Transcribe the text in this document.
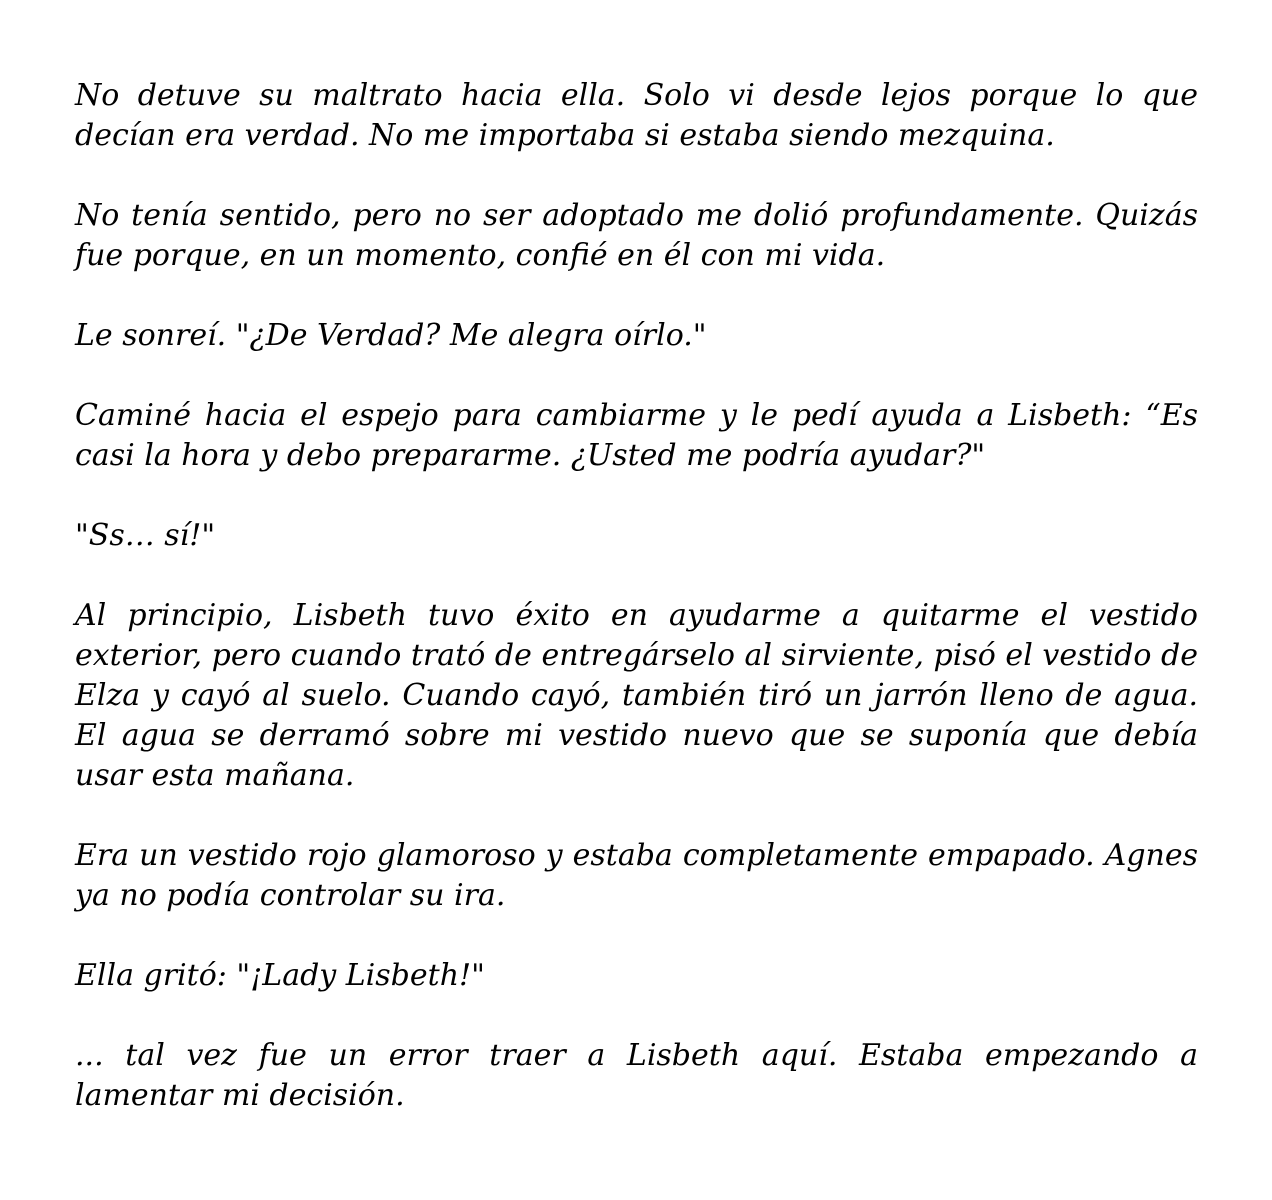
No detuve su maltrato hacia ella. Solo vi desde lejos porque lo que decían era verdad. No me importaba si estaba siendo mezquina.

No tenía sentido, pero no ser adoptado me dolió profundamente. Quizás fue porque, en un momento, confié en él con mi vida.

Le sonreí. "¿De Verdad? Me alegra oírlo."

Caminé hacia el espejo para cambiarme y le pedí ayuda a Lisbeth: “Es casi la hora y debo prepararme. ¿Usted me podría ayudar?"

"Ss… sí!"

Al principio, Lisbeth tuvo éxito en ayudarme a quitarme el vestido exterior, pero cuando trató de entregárselo al sirviente, pisó el vestido de Elza y cayó al suelo. Cuando cayó, también tiró un jarrón lleno de agua. El agua se derramó sobre mi vestido nuevo que se suponía que debía usar esta mañana.

Era un vestido rojo glamoroso y estaba completamente empapado. Agnes ya no podía controlar su ira.

Ella gritó: "¡Lady Lisbeth!"

... tal vez fue un error traer a Lisbeth aquí. Estaba empezando a lamentar mi decisión.
